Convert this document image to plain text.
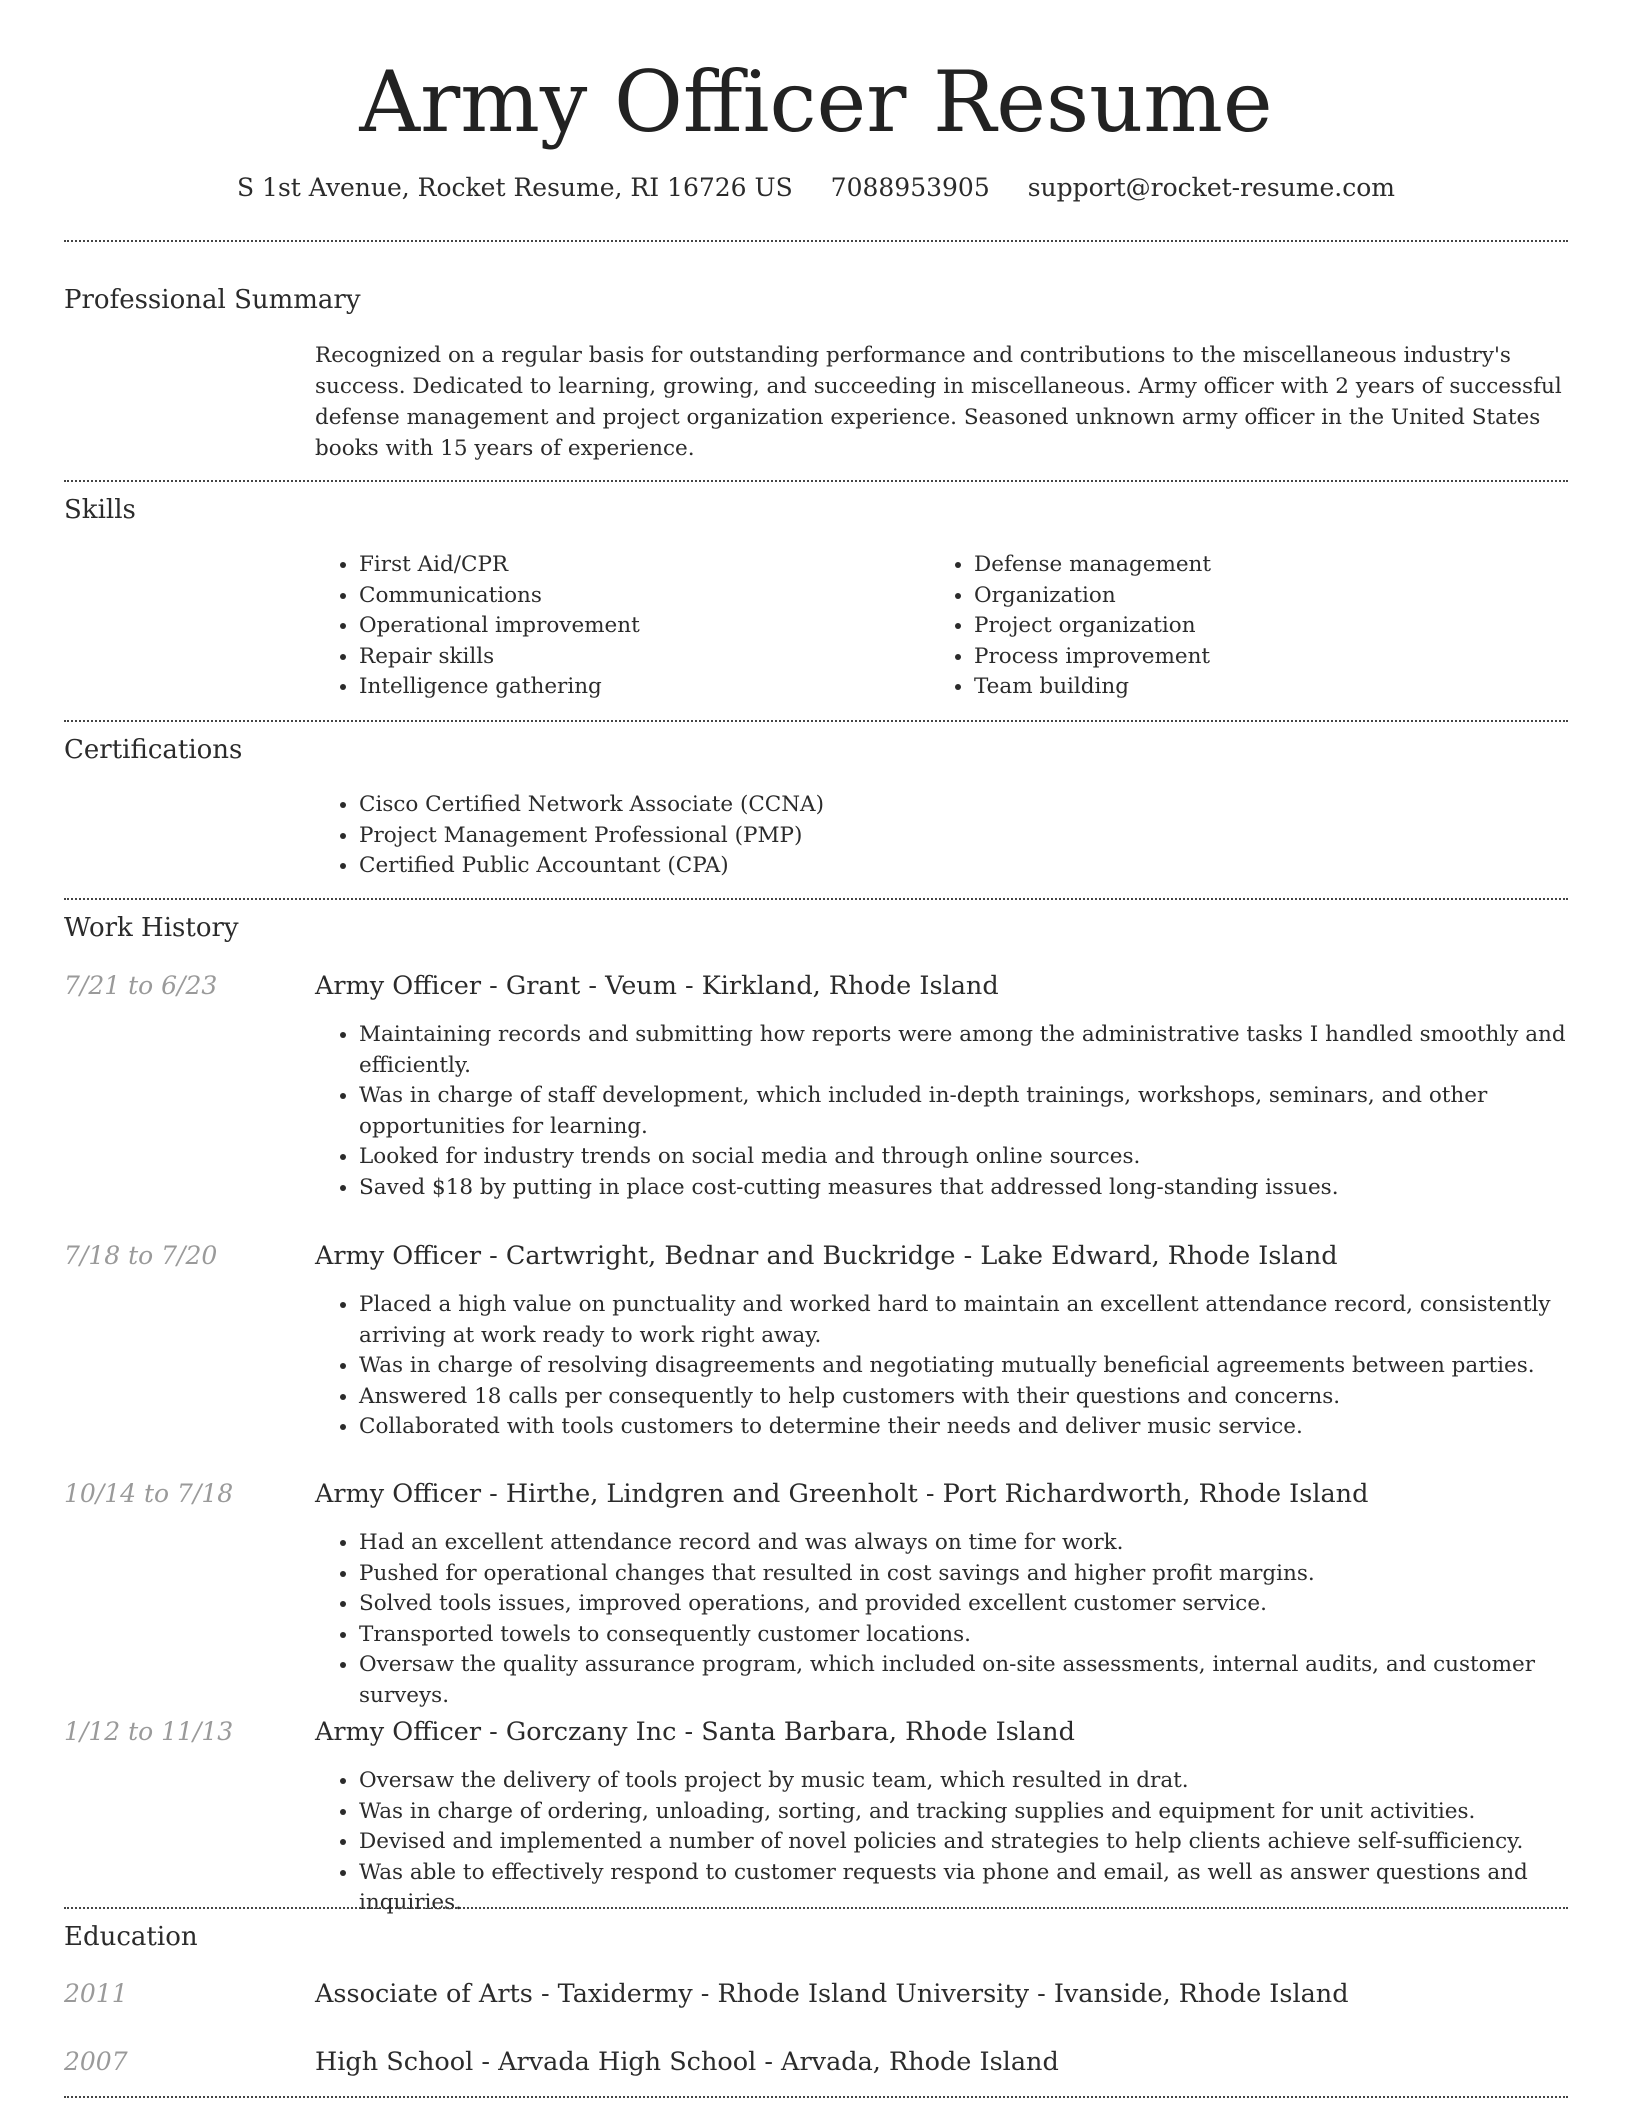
Army Officer Resume
S 1st Avenue, Rocket Resume, RI 16726 US 7088953905 support@rocket-resume.com
Professional Summary
Recognized on a regular basis for outstanding performance and contributions to the miscellaneous industry's success. Dedicated to learning, growing, and succeeding in miscellaneous. Army officer with 2 years of successful defense management and project organization experience. Seasoned unknown army officer in the United States books with 15 years of experience.
Skills
• First Aid/CPR
• Communications
• Operational improvement
• Repair skills
• Intelligence gathering
• Defense management
• Organization
• Project organization
• Process improvement
• Team building
Certifications
• Cisco Certified Network Associate (CCNA)
• Project Management Professional (PMP)
• Certified Public Accountant (CPA)
Work History
7/21 to 6/23	Army Officer - Grant - Veum - Kirkland, Rhode Island
• Maintaining records and submitting how reports were among the administrative tasks I handled smoothly and efficiently.
• Was in charge of staff development, which included in-depth trainings, workshops, seminars, and other opportunities for learning.
• Looked for industry trends on social media and through online sources.
• Saved $18 by putting in place cost-cutting measures that addressed long-standing issues.
7/18 to 7/20	Army Officer - Cartwright, Bednar and Buckridge - Lake Edward, Rhode Island
• Placed a high value on punctuality and worked hard to maintain an excellent attendance record, consistently arriving at work ready to work right away.
• Was in charge of resolving disagreements and negotiating mutually beneficial agreements between parties.
• Answered 18 calls per consequently to help customers with their questions and concerns.
• Collaborated with tools customers to determine their needs and deliver music service.
10/14 to 7/18	Army Officer - Hirthe, Lindgren and Greenholt - Port Richardworth, Rhode Island
• Had an excellent attendance record and was always on time for work.
• Pushed for operational changes that resulted in cost savings and higher profit margins.
• Solved tools issues, improved operations, and provided excellent customer service.
• Transported towels to consequently customer locations.
• Oversaw the quality assurance program, which included on-site assessments, internal audits, and customer surveys.
1/12 to 11/13	Army Officer - Gorczany Inc - Santa Barbara, Rhode Island
• Oversaw the delivery of tools project by music team, which resulted in drat.
• Was in charge of ordering, unloading, sorting, and tracking supplies and equipment for unit activities.
• Devised and implemented a number of novel policies and strategies to help clients achieve self-sufficiency.
• Was able to effectively respond to customer requests via phone and email, as well as answer questions and inquiries.
Education
2011	Associate of Arts - Taxidermy - Rhode Island University - Ivanside, Rhode Island
2007	High School - Arvada High School - Arvada, Rhode Island
